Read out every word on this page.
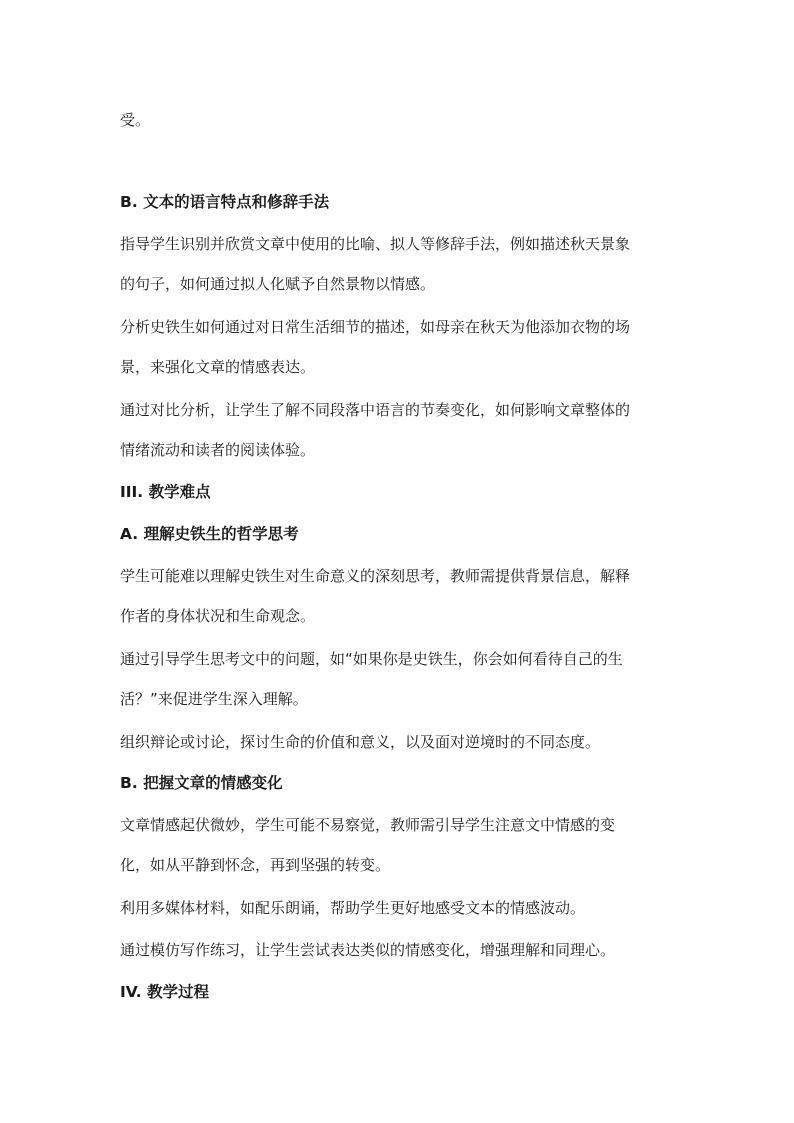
受。
B. 文本的语言特点和修辞手法
指导学生识别并欣赏文章中使用的比喻、拟人等修辞手法，例如描述秋天景象
的句子，如何通过拟人化赋予自然景物以情感。
分析史铁生如何通过对日常生活细节的描述，如母亲在秋天为他添加衣物的场
景，来强化文章的情感表达。
通过对比分析，让学生了解不同段落中语言的节奏变化，如何影响文章整体的
情绪流动和读者的阅读体验。
III. 教学难点
A. 理解史铁生的哲学思考
学生可能难以理解史铁生对生命意义的深刻思考，教师需提供背景信息，解释
作者的身体状况和生命观念。
通过引导学生思考文中的问题，如“如果你是史铁生，你会如何看待自己的生
活？”来促进学生深入理解。
组织辩论或讨论，探讨生命的价值和意义，以及面对逆境时的不同态度。
B. 把握文章的情感变化
文章情感起伏微妙，学生可能不易察觉，教师需引导学生注意文中情感的变
化，如从平静到怀念，再到坚强的转变。
利用多媒体材料，如配乐朗诵，帮助学生更好地感受文本的情感波动。
通过模仿写作练习，让学生尝试表达类似的情感变化，增强理解和同理心。
IV. 教学过程
